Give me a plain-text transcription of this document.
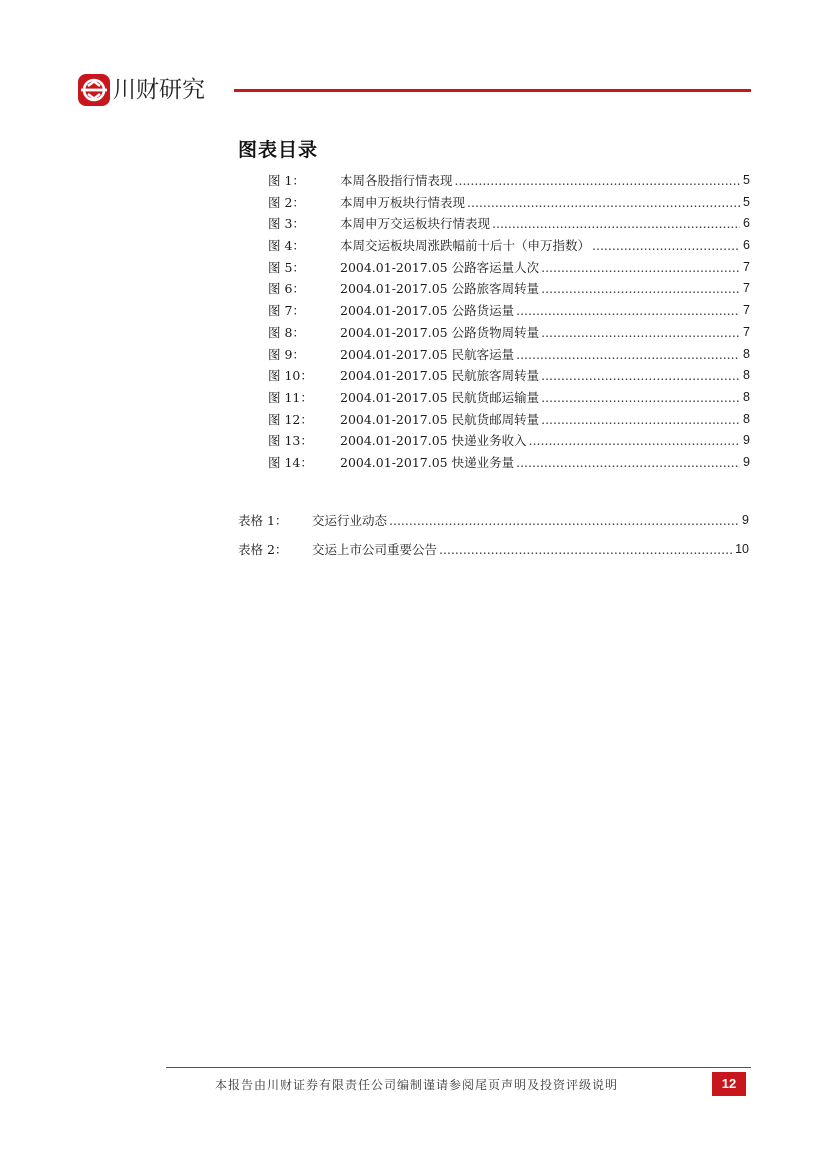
川财研究
图表目录
图 1：	本周各股指行情表现 .....	5
图 2：	本周申万板块行情表现 .....	5
图 3：	本周申万交运板块行情表现 .....	6
图 4：	本周交运板块周涨跌幅前十后十（申万指数） .....	6
图 5：	2004.01-2017.05 公路客运量人次 .....	7
图 6：	2004.01-2017.05 公路旅客周转量 .....	7
图 7：	2004.01-2017.05 公路货运量 .....	7
图 8：	2004.01-2017.05 公路货物周转量 .....	7
图 9：	2004.01-2017.05 民航客运量 .....	8
图 10：	2004.01-2017.05 民航旅客周转量 .....	8
图 11：	2004.01-2017.05 民航货邮运输量 .....	8
图 12：	2004.01-2017.05 民航货邮周转量 .....	8
图 13：	2004.01-2017.05 快递业务收入 .....	9
图 14：	2004.01-2017.05 快递业务量 .....	9
表格 1：	交运行业动态 .....	9
表格 2：	交运上市公司重要公告 .....	10
本报告由川财证券有限责任公司编制谨请参阅尾页声明及投资评级说明	12
